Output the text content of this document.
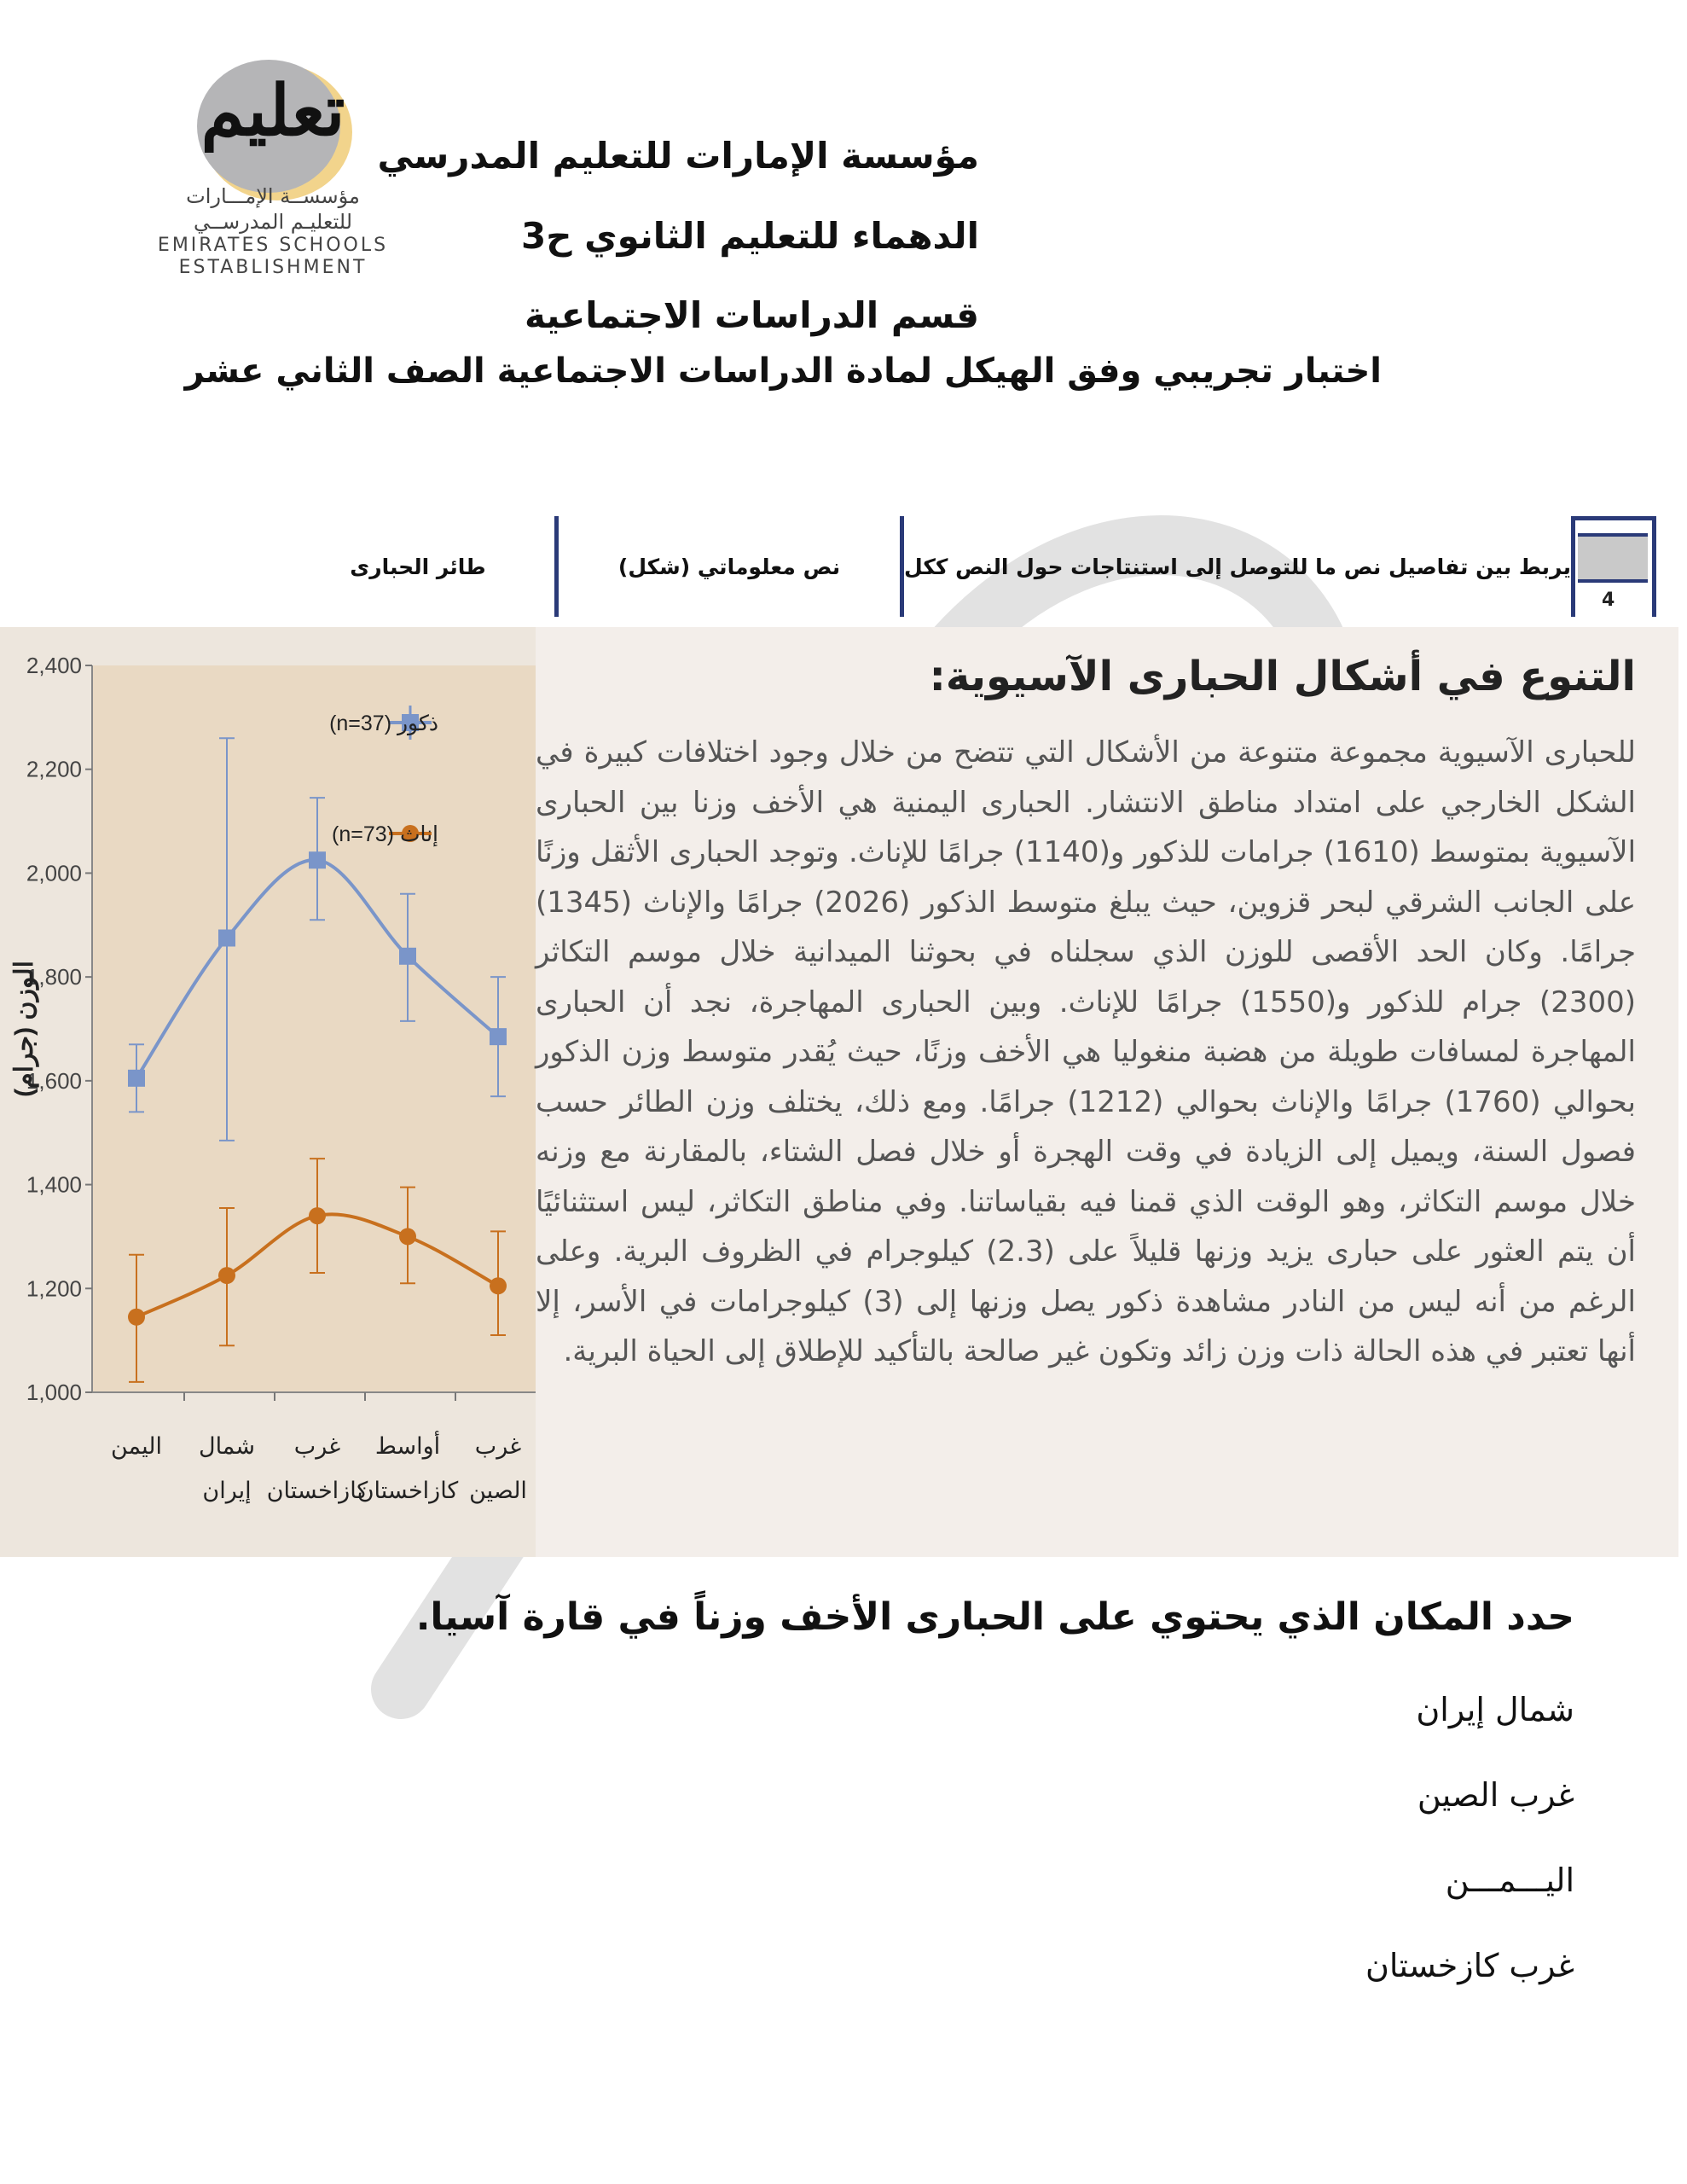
تعليم
مؤسســة الإمـــارات
للتعليـم المدرســي
EMIRATES SCHOOLS
ESTABLISHMENT
مؤسسة الإمارات للتعليم المدرسي
الدهماء للتعليم الثانوي ح3
قسم الدراسات الاجتماعية
اختبار تجريبي وفق الهيكل لمادة الدراسات الاجتماعية الصف الثاني عشر
طائر الحبارى	نص معلوماتي (شكل)	يربط بين تفاصيل نص ما للتوصل إلى استنتاجات حول النص ككل
4
1,000
1,200
1,400
1,600
1,800
2,000
2,200
2,400
الوزن (جرام)
اليمن شمال
إيران
غرب
كازاخستان
أواسط
كازاخستان
غرب
الصين
ذكور (n=37)
إناث (n=73)
التنوع في أشكال الحبارى الآسيوية:
للحبارى الآسيوية مجموعة متنوعة من الأشكال التي تتضح من خلال وجود اختلافات كبيرة في الشكل الخارجي على امتداد مناطق الانتشار. الحبارى اليمنية هي الأخف وزنا بين الحبارى الآسيوية بمتوسط (1610) جرامات للذكور و(1140) جرامًا للإناث. وتوجد الحبارى الأثقل وزنًا على الجانب الشرقي لبحر قزوين، حيث يبلغ متوسط الذكور (2026) جرامًا والإناث (1345) جرامًا. وكان الحد الأقصى للوزن الذي سجلناه في بحوثنا الميدانية خلال موسم التكاثر (2300) جرام للذكور و(1550) جرامًا للإناث. وبين الحبارى المهاجرة، نجد أن الحبارى المهاجرة لمسافات طويلة من هضبة منغوليا هي الأخف وزنًا، حيث يُقدر متوسط وزن الذكور بحوالي (1760) جرامًا والإناث بحوالي (1212) جرامًا. ومع ذلك، يختلف وزن الطائر حسب فصول السنة، ويميل إلى الزيادة في وقت الهجرة أو خلال فصل الشتاء، بالمقارنة مع وزنه خلال موسم التكاثر، وهو الوقت الذي قمنا فيه بقياساتنا. وفي مناطق التكاثر، ليس استثنائيًا أن يتم العثور على حبارى يزيد وزنها قليلاً على (2.3) كيلوجرام في الظروف البرية. وعلى الرغم من أنه ليس من النادر مشاهدة ذكور يصل وزنها إلى (3) كيلوجرامات في الأسر، إلا أنها تعتبر في هذه الحالة ذات وزن زائد وتكون غير صالحة بالتأكيد للإطلاق إلى الحياة البرية.
حدد المكان الذي يحتوي على الحبارى الأخف وزناً في قارة آسيا.
شمال إيران
غرب الصين
اليـــمـــن
غرب كازخستان
